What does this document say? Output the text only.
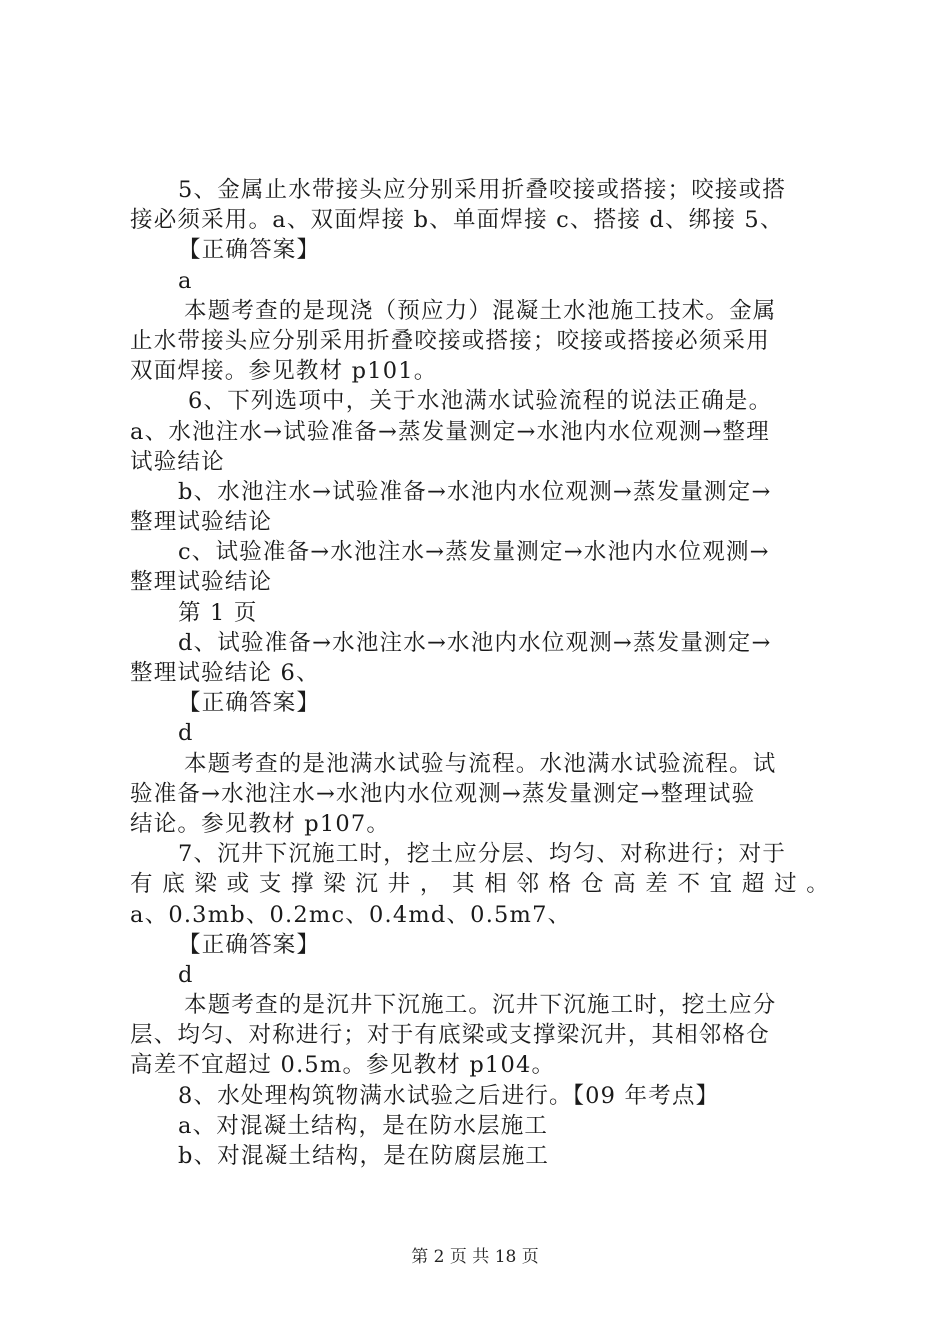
5、金属止水带接头应分别采用折叠咬接或搭接；咬接或搭
接必须采用。a、双面焊接 b、单面焊接 c、搭接 d、绑接 5、
【正确答案】
a
本题考查的是现浇（预应力）混凝土水池施工技术。金属
止水带接头应分别采用折叠咬接或搭接；咬接或搭接必须采用
双面焊接。参见教材 p101。
6、下列选项中，关于水池满水试验流程的说法正确是。
a、水池注水→试验准备→蒸发量测定→水池内水位观测→整理
试验结论
b、水池注水→试验准备→水池内水位观测→蒸发量测定→
整理试验结论
c、试验准备→水池注水→蒸发量测定→水池内水位观测→
整理试验结论
第 1 页
d、试验准备→水池注水→水池内水位观测→蒸发量测定→
整理试验结论 6、
【正确答案】
d
本题考查的是池满水试验与流程。水池满水试验流程。试
验准备→水池注水→水池内水位观测→蒸发量测定→整理试验
结论。参见教材 p107。
7、沉井下沉施工时，挖土应分层、均匀、对称进行；对于
有底梁或支撑梁沉井，其相邻格仓高差不宜超过。
a、0.3mb、0.2mc、0.4md、0.5m7、
【正确答案】
d
本题考查的是沉井下沉施工。沉井下沉施工时，挖土应分
层、均匀、对称进行；对于有底梁或支撑梁沉井，其相邻格仓
高差不宜超过 0.5m。参见教材 p104。
8、水处理构筑物满水试验之后进行。【09 年考点】
a、对混凝土结构，是在防水层施工
b、对混凝土结构，是在防腐层施工
第 2 页 共 18 页
